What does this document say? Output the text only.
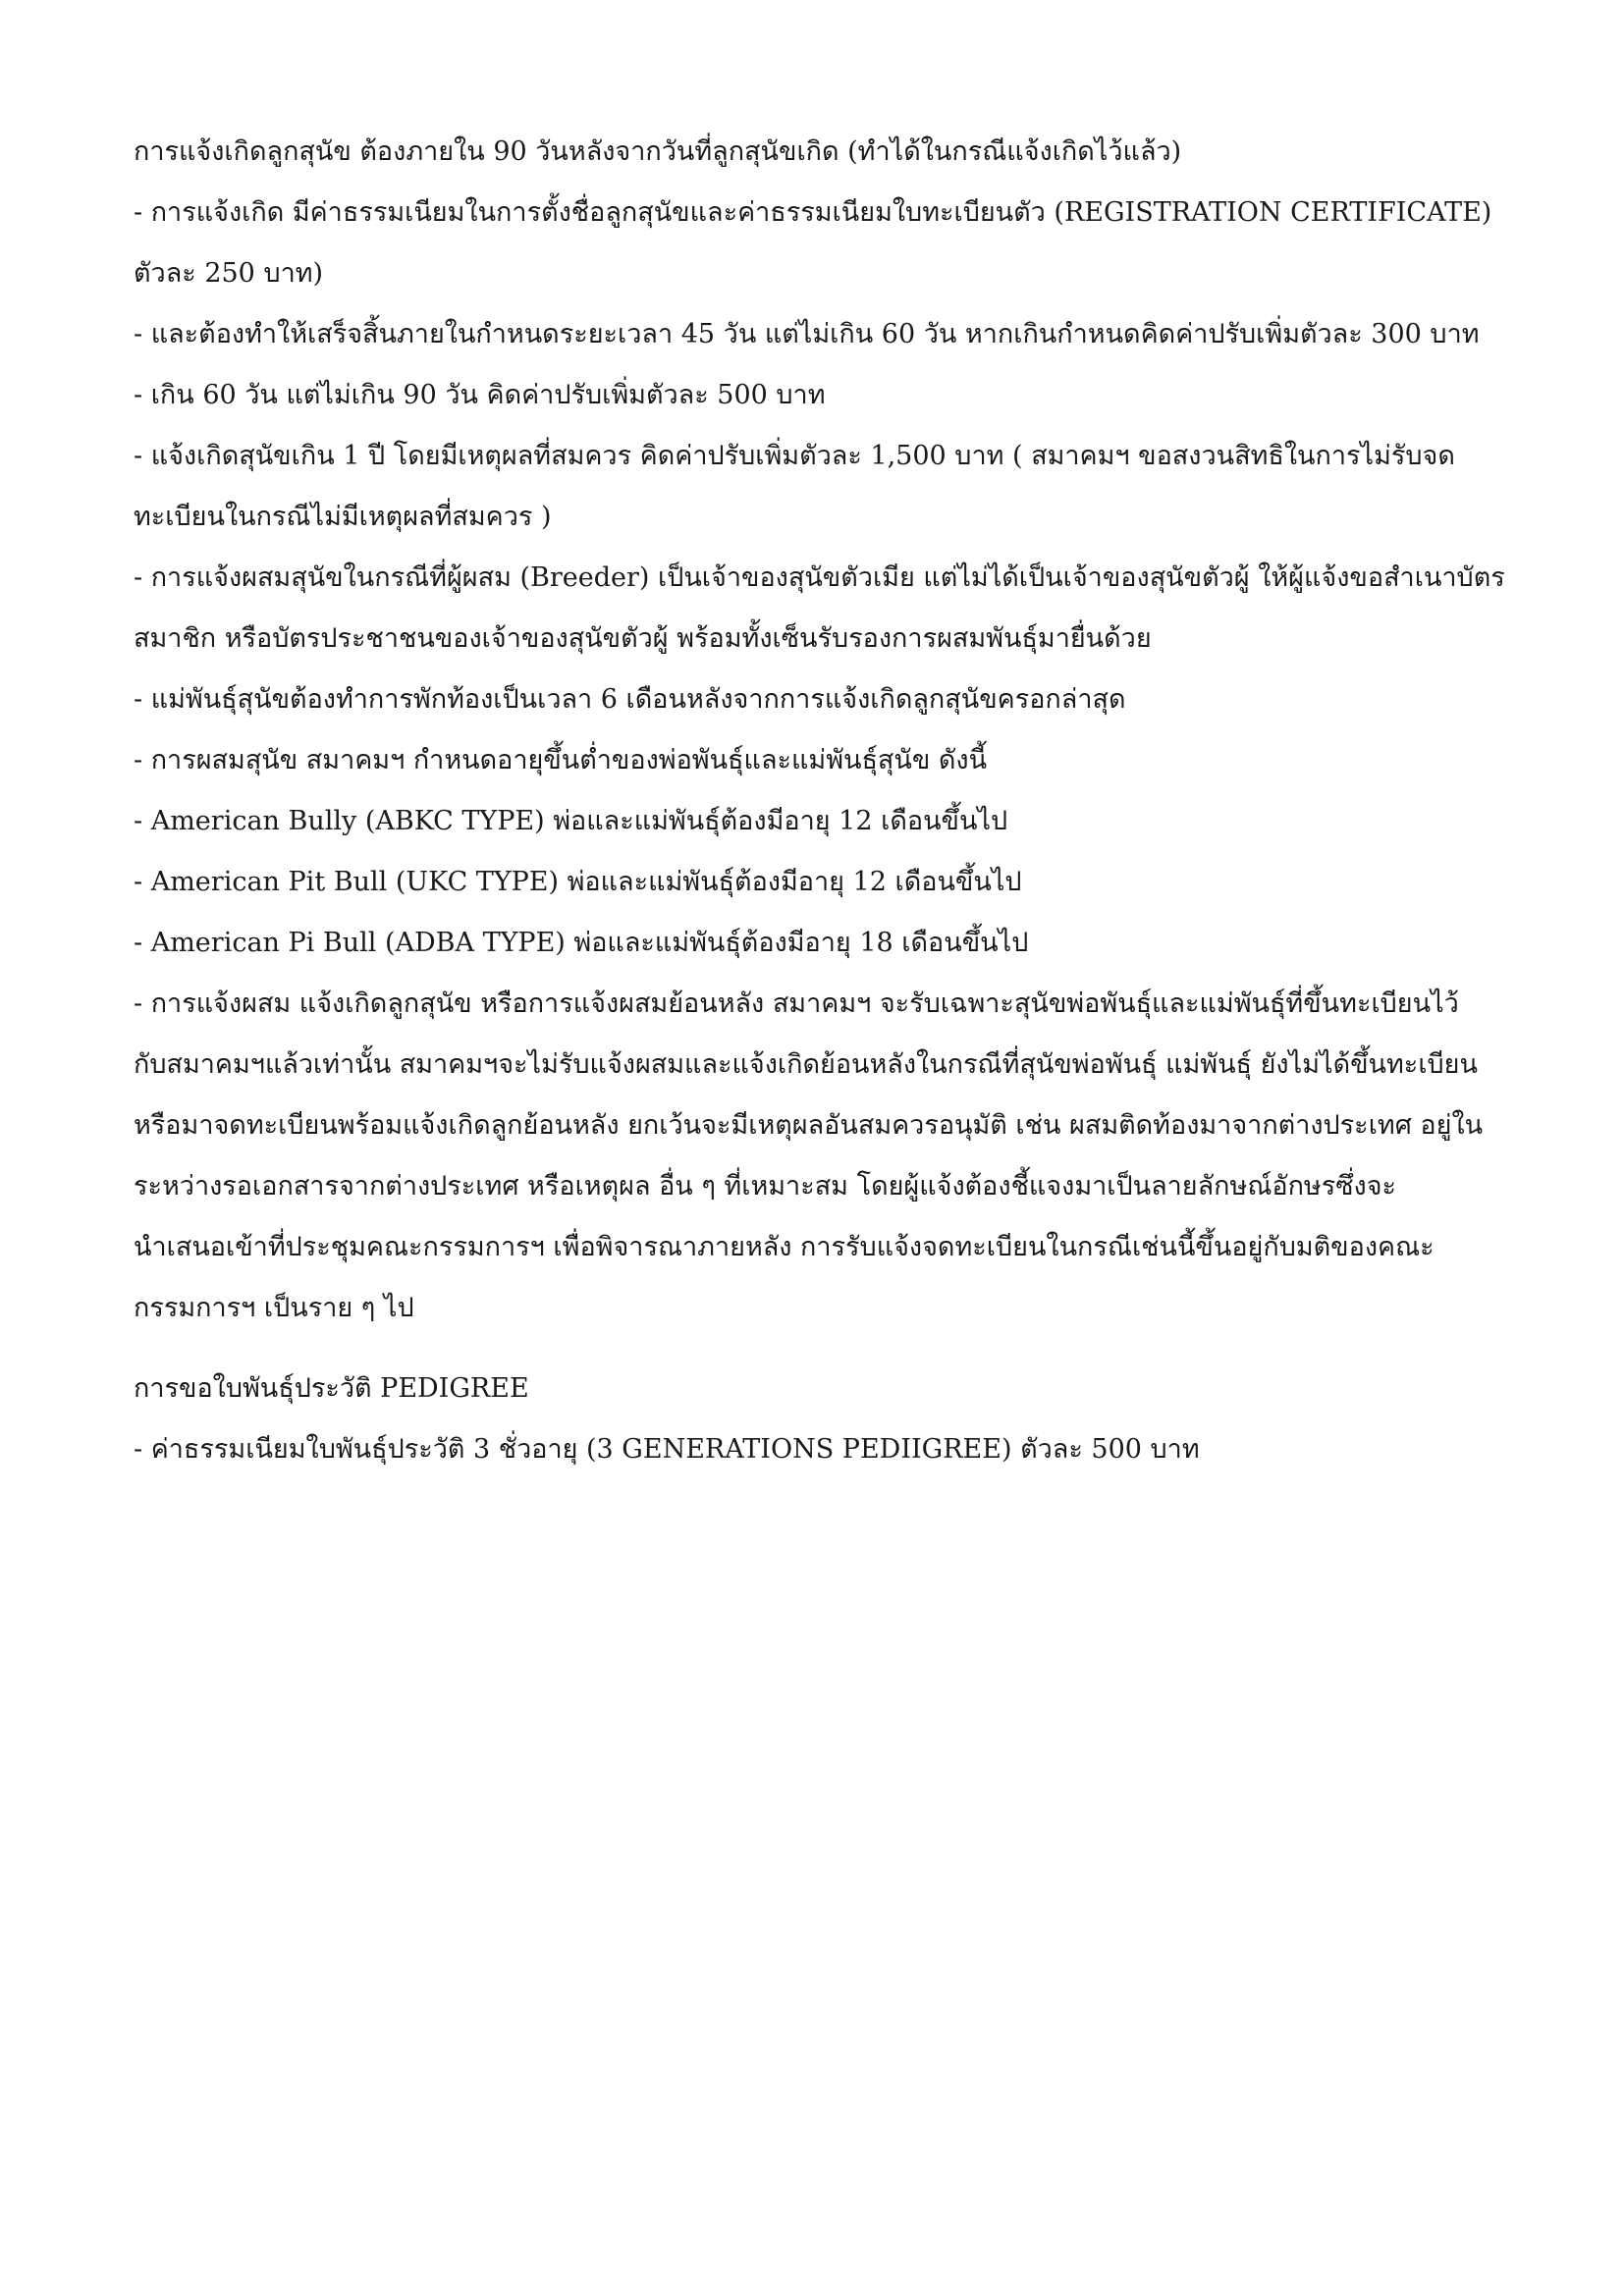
การแจ้งเกิดลูกสุนัข ต้องภายใน 90 วันหลังจากวันที่ลูกสุนัขเกิด (ทำได้ในกรณีแจ้งเกิดไว้แล้ว)

- การแจ้งเกิด มีค่าธรรมเนียมในการตั้งชื่อลูกสุนัขและค่าธรรมเนียมใบทะเบียนตัว (REGISTRATION CERTIFICATE)

ตัวละ 250 บาท)

- และต้องทำให้เสร็จสิ้นภายในกำหนดระยะเวลา 45 วัน แต่ไม่เกิน 60 วัน หากเกินกำหนดคิดค่าปรับเพิ่มตัวละ 300 บาท

- เกิน 60 วัน แต่ไม่เกิน 90 วัน คิดค่าปรับเพิ่มตัวละ 500 บาท

- แจ้งเกิดสุนัขเกิน 1 ปี โดยมีเหตุผลที่สมควร คิดค่าปรับเพิ่มตัวละ 1,500 บาท ( สมาคมฯ ขอสงวนสิทธิในการไม่รับจด

ทะเบียนในกรณีไม่มีเหตุผลที่สมควร )

- การแจ้งผสมสุนัขในกรณีที่ผู้ผสม (Breeder) เป็นเจ้าของสุนัขตัวเมีย แต่ไม่ได้เป็นเจ้าของสุนัขตัวผู้ ให้ผู้แจ้งขอสำเนาบัตร

สมาชิก หรือบัตรประชาชนของเจ้าของสุนัขตัวผู้ พร้อมทั้งเซ็นรับรองการผสมพันธุ์มายื่นด้วย

- แม่พันธุ์สุนัขต้องทำการพักท้องเป็นเวลา 6 เดือนหลังจากการแจ้งเกิดลูกสุนัขครอกล่าสุด

- การผสมสุนัข สมาคมฯ กำหนดอายุขึ้นต่ำของพ่อพันธุ์และแม่พันธุ์สุนัข ดังนี้

- American Bully (ABKC TYPE) พ่อและแม่พันธุ์ต้องมีอายุ 12 เดือนขึ้นไป

- American Pit Bull (UKC TYPE) พ่อและแม่พันธุ์ต้องมีอายุ 12 เดือนขึ้นไป

- American Pi Bull (ADBA TYPE) พ่อและแม่พันธุ์ต้องมีอายุ 18 เดือนขึ้นไป

- การแจ้งผสม แจ้งเกิดลูกสุนัข หรือการแจ้งผสมย้อนหลัง สมาคมฯ จะรับเฉพาะสุนัขพ่อพันธุ์และแม่พันธุ์ที่ขึ้นทะเบียนไว้

กับสมาคมฯแล้วเท่านั้น สมาคมฯจะไม่รับแจ้งผสมและแจ้งเกิดย้อนหลังในกรณีที่สุนัขพ่อพันธุ์ แม่พันธุ์ ยังไม่ได้ขึ้นทะเบียน

หรือมาจดทะเบียนพร้อมแจ้งเกิดลูกย้อนหลัง ยกเว้นจะมีเหตุผลอันสมควรอนุมัติ เช่น ผสมติดท้องมาจากต่างประเทศ อยู่ใน

ระหว่างรอเอกสารจากต่างประเทศ หรือเหตุผล อื่น ๆ ที่เหมาะสม โดยผู้แจ้งต้องชี้แจงมาเป็นลายลักษณ์อักษรซึ่งจะ

นำเสนอเข้าที่ประชุมคณะกรรมการฯ เพื่อพิจารณาภายหลัง การรับแจ้งจดทะเบียนในกรณีเช่นนี้ขึ้นอยู่กับมติของคณะ

กรรมการฯ เป็นราย ๆ ไป

การขอใบพันธุ์ประวัติ PEDIGREE

- ค่าธรรมเนียมใบพันธุ์ประวัติ 3 ชั่วอายุ (3 GENERATIONS PEDIIGREE) ตัวละ 500 บาท
